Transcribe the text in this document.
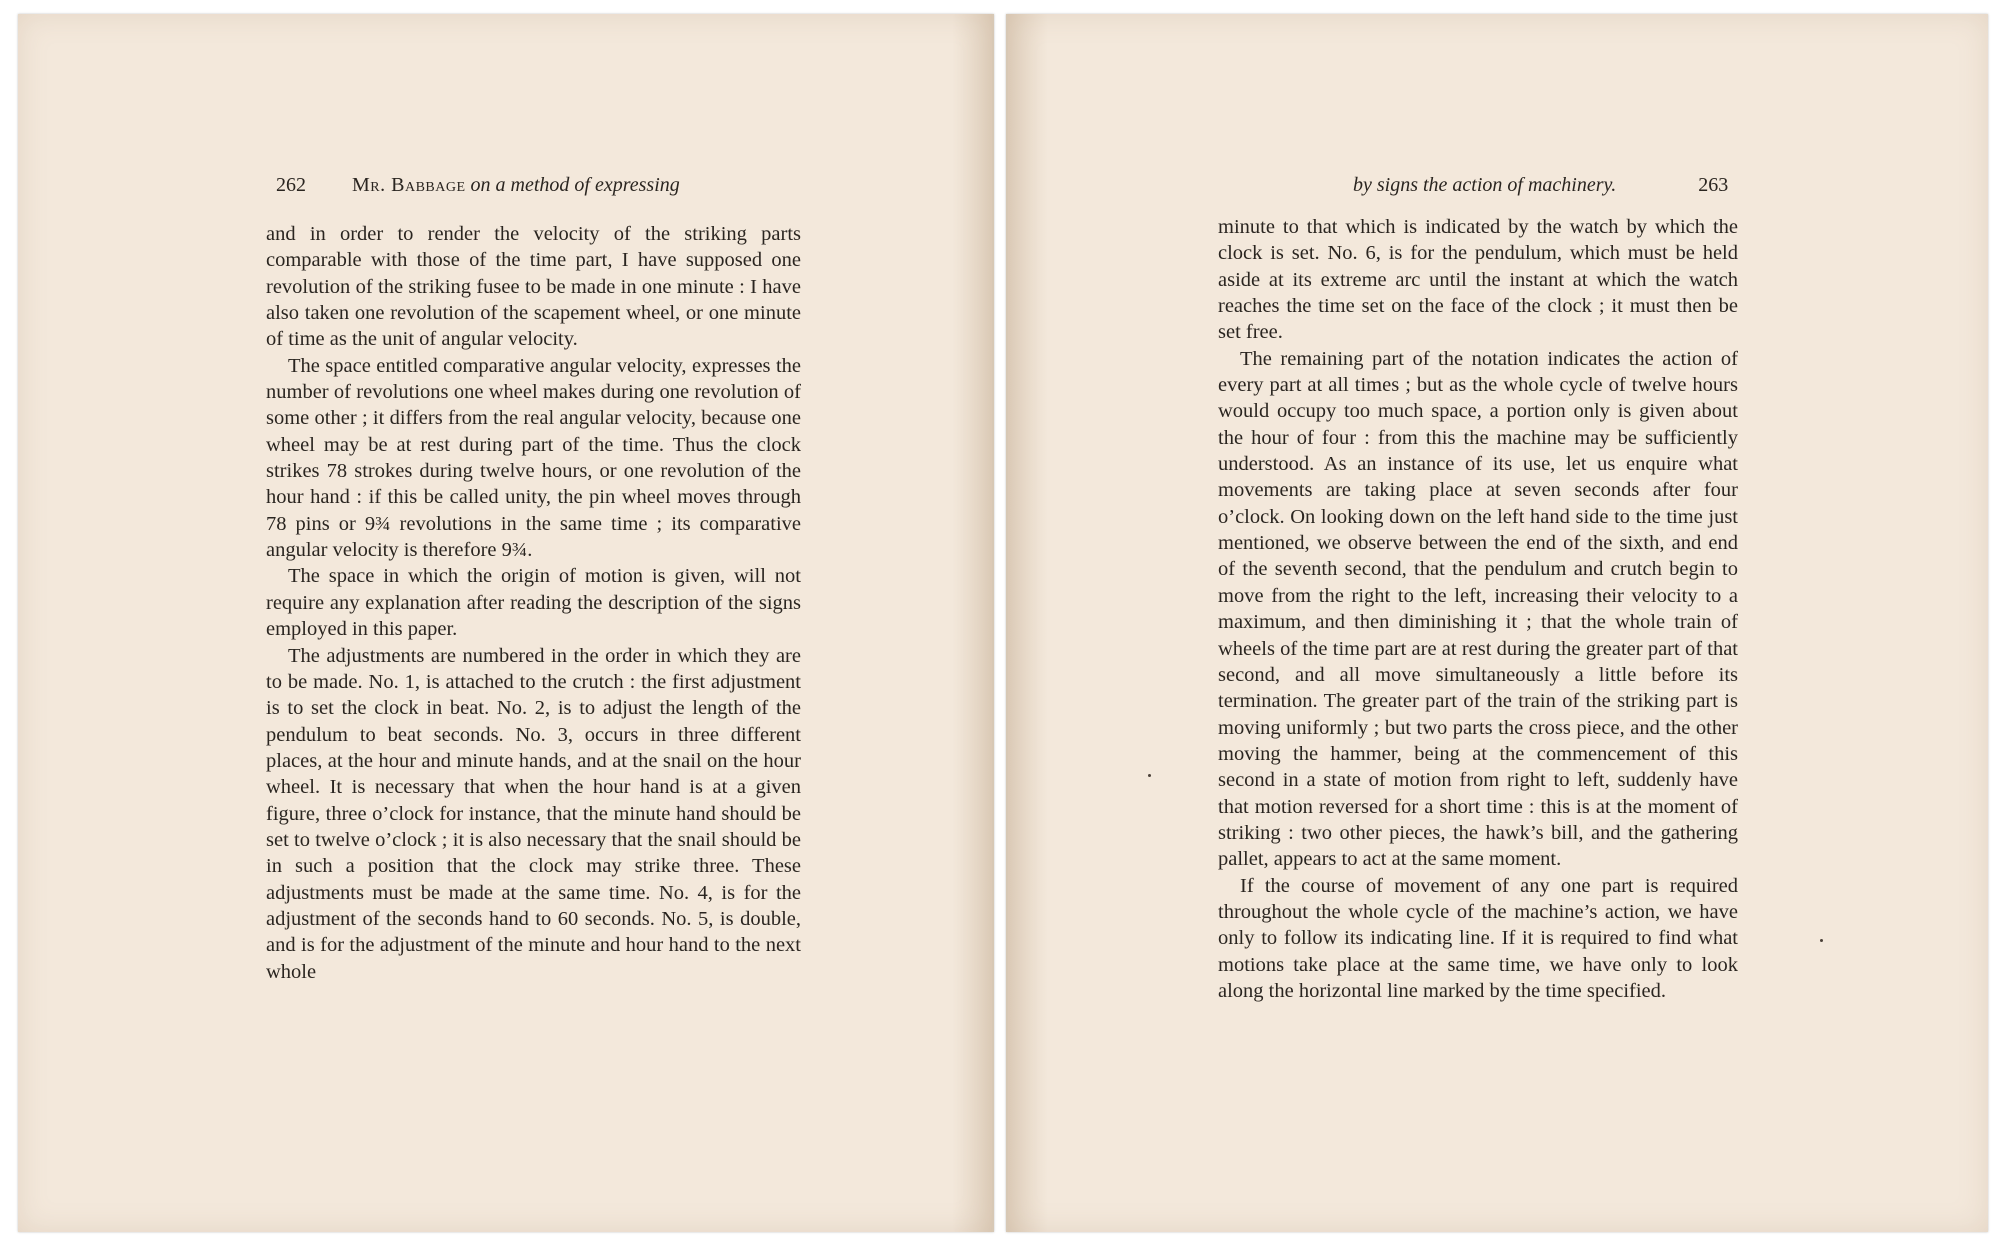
262 Mr. Babbage on a method of expressing

and in order to render the velocity of the striking parts comparable with those of the time part, I have supposed one revolution of the striking fusee to be made in one minute : I have also taken one revolution of the scapement wheel, or one minute of time as the unit of angular velocity.

The space entitled comparative angular velocity, expresses the number of revolutions one wheel makes during one revolution of some other ; it differs from the real angular velocity, because one wheel may be at rest during part of the time. Thus the clock strikes 78 strokes during twelve hours, or one revolution of the hour hand : if this be called unity, the pin wheel moves through 78 pins or 9¾ revolutions in the same time ; its comparative angular velocity is therefore 9¾.

The space in which the origin of motion is given, will not require any explanation after reading the description of the signs employed in this paper.

The adjustments are numbered in the order in which they are to be made. No. 1, is attached to the crutch : the first adjustment is to set the clock in beat. No. 2, is to adjust the length of the pendulum to beat seconds. No. 3, occurs in three different places, at the hour and minute hands, and at the snail on the hour wheel. It is necessary that when the hour hand is at a given figure, three o’clock for instance, that the minute hand should be set to twelve o’clock ; it is also necessary that the snail should be in such a position that the clock may strike three. These adjustments must be made at the same time. No. 4, is for the adjustment of the seconds hand to 60 seconds. No. 5, is double, and is for the adjustment of the minute and hour hand to the next whole

by signs the action of machinery.	263

minute to that which is indicated by the watch by which the clock is set. No. 6, is for the pendulum, which must be held aside at its extreme arc until the instant at which the watch reaches the time set on the face of the clock ; it must then be set free.

The remaining part of the notation indicates the action of every part at all times ; but as the whole cycle of twelve hours would occupy too much space, a portion only is given about the hour of four : from this the machine may be sufficiently understood. As an instance of its use, let us enquire what movements are taking place at seven seconds after four o’clock. On looking down on the left hand side to the time just mentioned, we observe between the end of the sixth, and end of the seventh second, that the pendulum and crutch begin to move from the right to the left, increasing their velocity to a maximum, and then diminishing it ; that the whole train of wheels of the time part are at rest during the greater part of that second, and all move simultaneously a little before its termination. The greater part of the train of the striking part is moving uniformly ; but two parts the cross piece, and the other moving the hammer, being at the commencement of this second in a state of motion from right to left, suddenly have that motion reversed for a short time : this is at the moment of striking : two other pieces, the hawk’s bill, and the gathering pallet, appears to act at the same moment.

If the course of movement of any one part is required throughout the whole cycle of the machine’s action, we have only to follow its indicating line. If it is required to find what motions take place at the same time, we have only to look along the horizontal line marked by the time specified.
